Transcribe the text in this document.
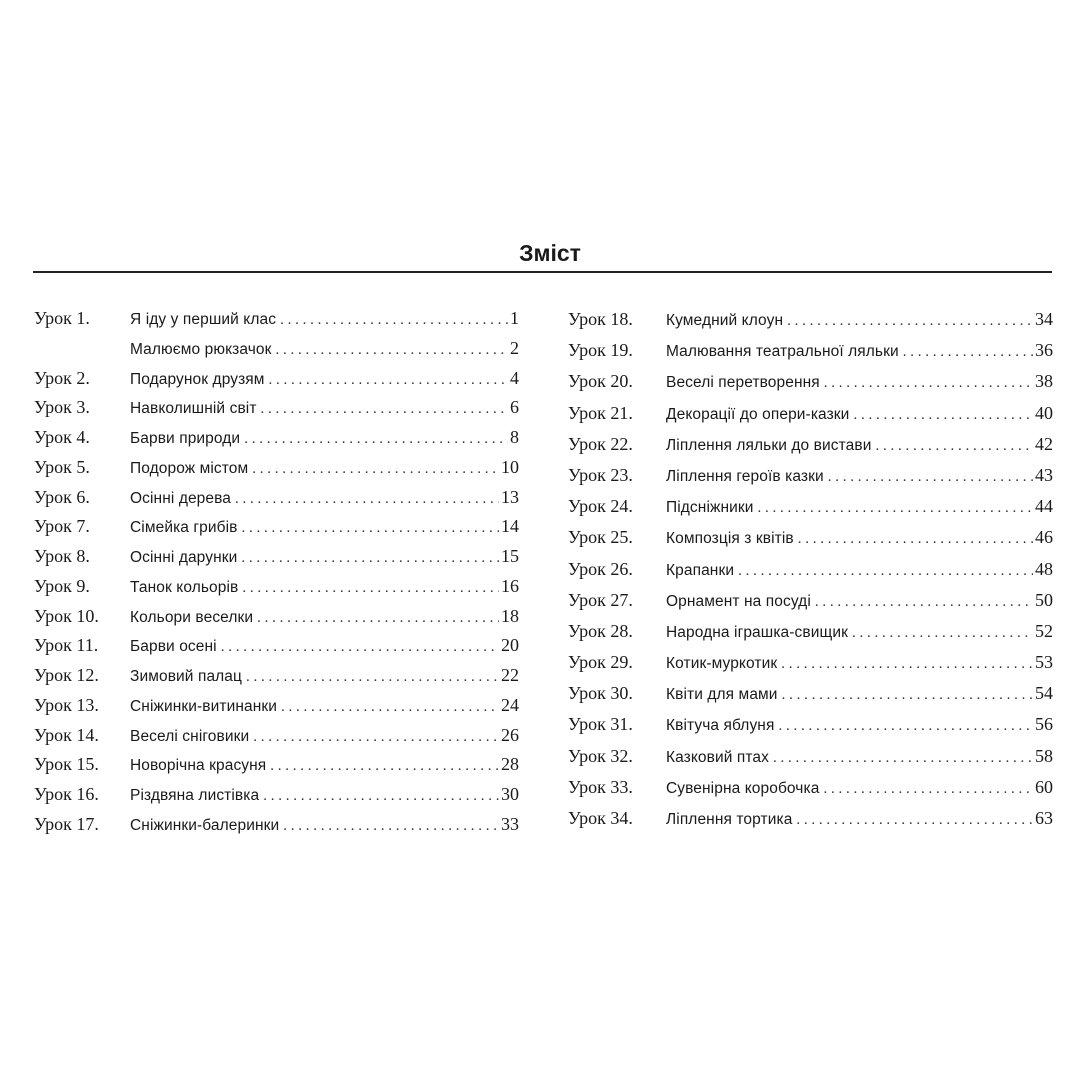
Зміст
Урок 1.	Я іду у перший клас . . .	1
Малюємо рюкзачок . . .	2
Урок 2.	Подарунок друзям . . .	4
Урок 3.	Навколишній світ . . .	6
Урок 4.	Барви природи . . .	8
Урок 5.	Подорож містом . . .	10
Урок 6.	Осінні дерева . . .	13
Урок 7.	Сімейка грибів . . .	14
Урок 8.	Осінні дарунки . . .	15
Урок 9.	Танок кольорів . . .	16
Урок 10.	Кольори веселки . . .	18
Урок 11.	Барви осені . . .	20
Урок 12.	Зимовий палац . . .	22
Урок 13.	Сніжинки-витинанки . . .	24
Урок 14.	Веселі сніговики . . .	26
Урок 15.	Новорічна красуня . . .	28
Урок 16.	Різдвяна листівка . . .	30
Урок 17.	Сніжинки-балеринки . . .	33
Урок 18.	Кумедний клоун . . .	34
Урок 19.	Малювання театральної ляльки . . .	36
Урок 20.	Веселі перетворення . . .	38
Урок 21.	Декорації до опери-казки . . .	40
Урок 22.	Ліплення ляльки до вистави . . .	42
Урок 23.	Ліплення героїв казки . . .	43
Урок 24.	Підсніжники . . .	44
Урок 25.	Композція з квітів . . .	46
Урок 26.	Крапанки . . .	48
Урок 27.	Орнамент на посуді . . .	50
Урок 28.	Народна іграшка-свищик . . .	52
Урок 29.	Котик-муркотик . . .	53
Урок 30.	Квіти для мами . . .	54
Урок 31.	Квітуча яблуня . . .	56
Урок 32.	Казковий птах . . .	58
Урок 33.	Сувенірна коробочка . . .	60
Урок 34.	Ліплення тортика . . .	63
